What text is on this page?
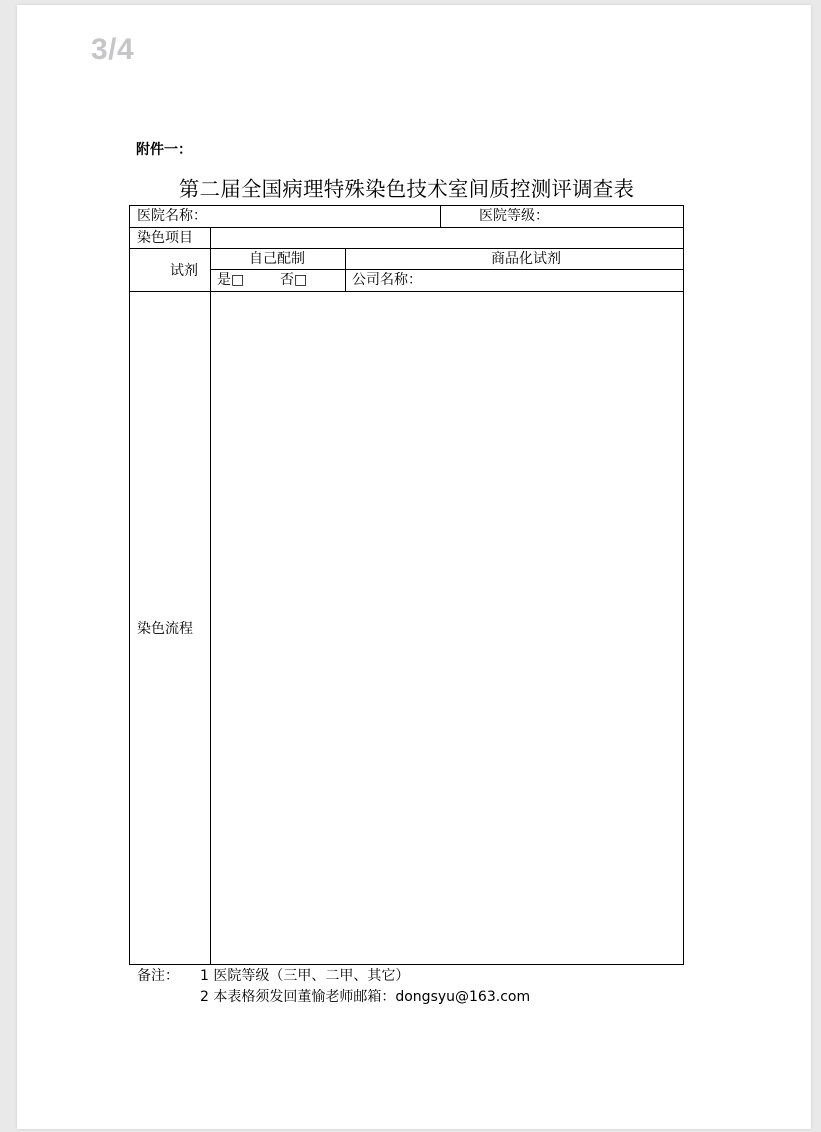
3/4
附件一：
第二届全国病理特殊染色技术室间质控测评调查表
医院名称：	医院等级：
染色项目
试剂
自己配制	商品化试剂
是□	否□	公司名称：
染色流程
备注： 1 医院等级（三甲、二甲、其它）
2 本表格须发回董愉老师邮箱：dongsyu@163.com
